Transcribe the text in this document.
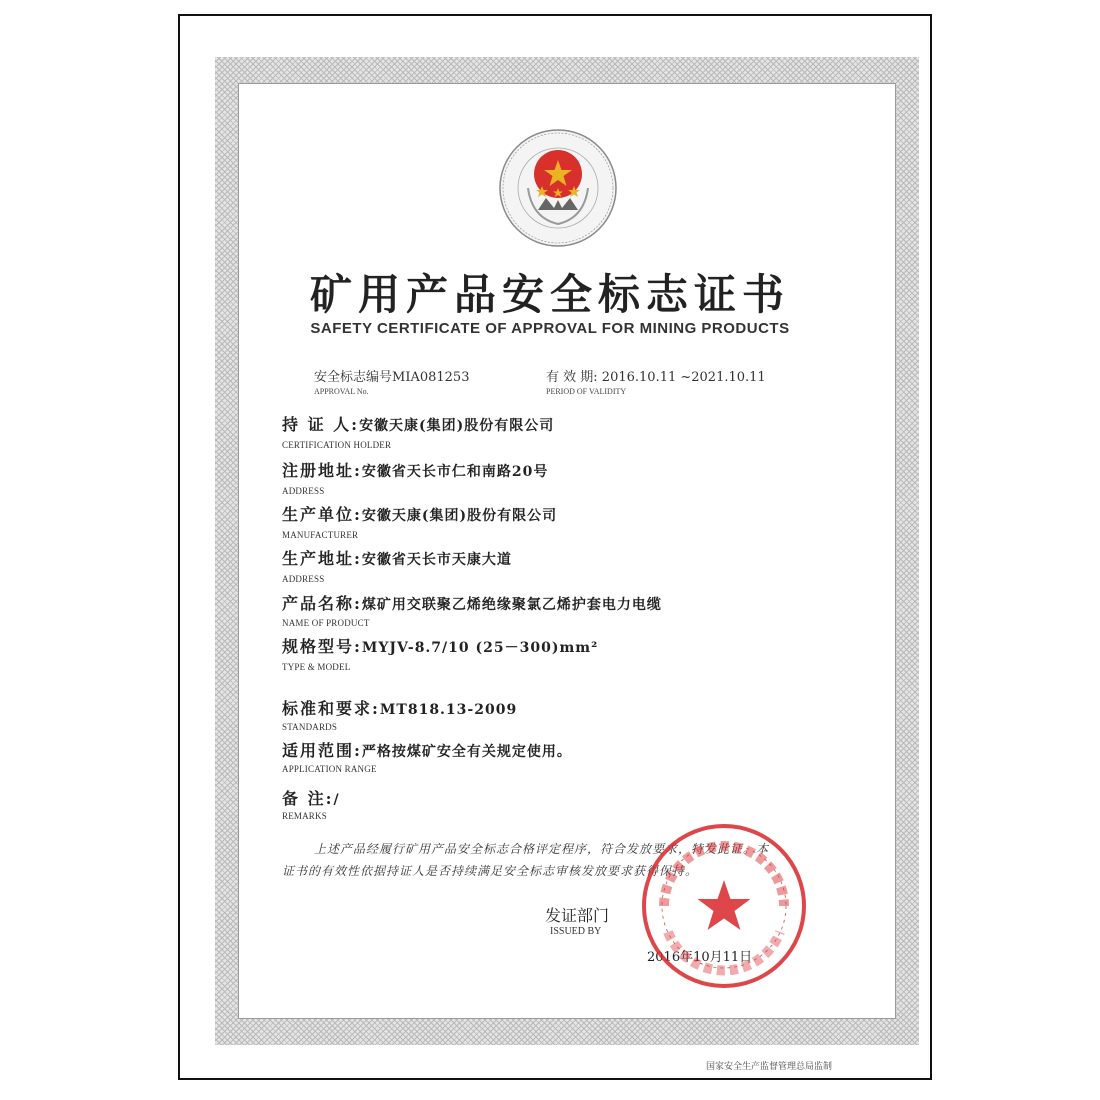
矿用产品安全标志证书
SAFETY CERTIFICATE OF APPROVAL FOR MINING PRODUCTS
安全标志编号MIA081253
APPROVAL No.
有 效 期: 2016.10.11 ~2021.10.11
PERIOD OF VALIDITY
持 证 人:安徽天康(集团)股份有限公司
CERTIFICATION HOLDER
注册地址:安徽省天长市仁和南路20号
ADDRESS
生产单位:安徽天康(集团)股份有限公司
MANUFACTURER
生产地址:安徽省天长市天康大道
ADDRESS
产品名称:煤矿用交联聚乙烯绝缘聚氯乙烯护套电力电缆
NAME OF PRODUCT
规格型号:MYJV-8.7/10 (25－300)mm²
TYPE & MODEL
标准和要求:MT818.13-2009
STANDARDS
适用范围:严格按煤矿安全有关规定使用。
APPLICATION RANGE
备 注:/
REMARKS
上述产品经履行矿用产品安全标志合格评定程序，符合发放要求，特发此证。本
证书的有效性依据持证人是否持续满足安全标志审核发放要求获得保持。
发证部门
ISSUED BY
2016年10月11日
国家安全生产监督管理总局监制
